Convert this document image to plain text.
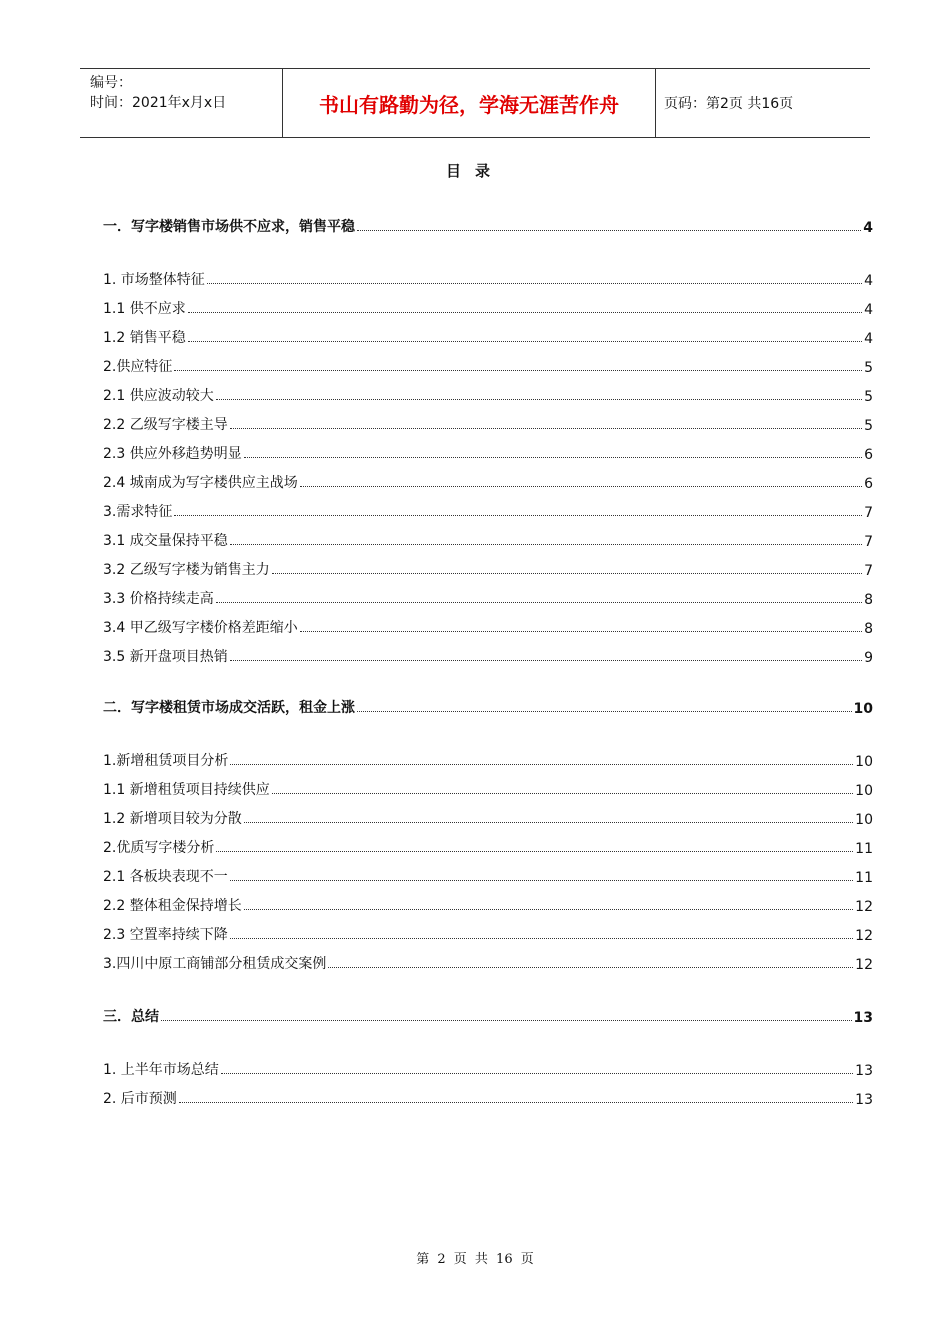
编号：
时间：2021年x月x日	书山有路勤为径，学海无涯苦作舟	页码：第2页 共16页
目录
一．写字楼销售市场供不应求，销售平稳	4
1. 市场整体特征	4
1.1 供不应求	4
1.2 销售平稳	4
2.供应特征	5
2.1 供应波动较大	5
2.2 乙级写字楼主导	5
2.3 供应外移趋势明显	6
2.4 城南成为写字楼供应主战场	6
3.需求特征	7
3.1 成交量保持平稳	7
3.2 乙级写字楼为销售主力	7
3.3 价格持续走高	8
3.4 甲乙级写字楼价格差距缩小	8
3.5 新开盘项目热销	9
二．写字楼租赁市场成交活跃，租金上涨	10
1.新增租赁项目分析	10
1.1 新增租赁项目持续供应	10
1.2 新增项目较为分散	10
2.优质写字楼分析	11
2.1 各板块表现不一	11
2.2 整体租金保持增长	12
2.3 空置率持续下降	12
3.四川中原工商铺部分租赁成交案例	12
三．总结	13
1. 上半年市场总结	13
2. 后市预测	13
第 2 页 共 16 页
